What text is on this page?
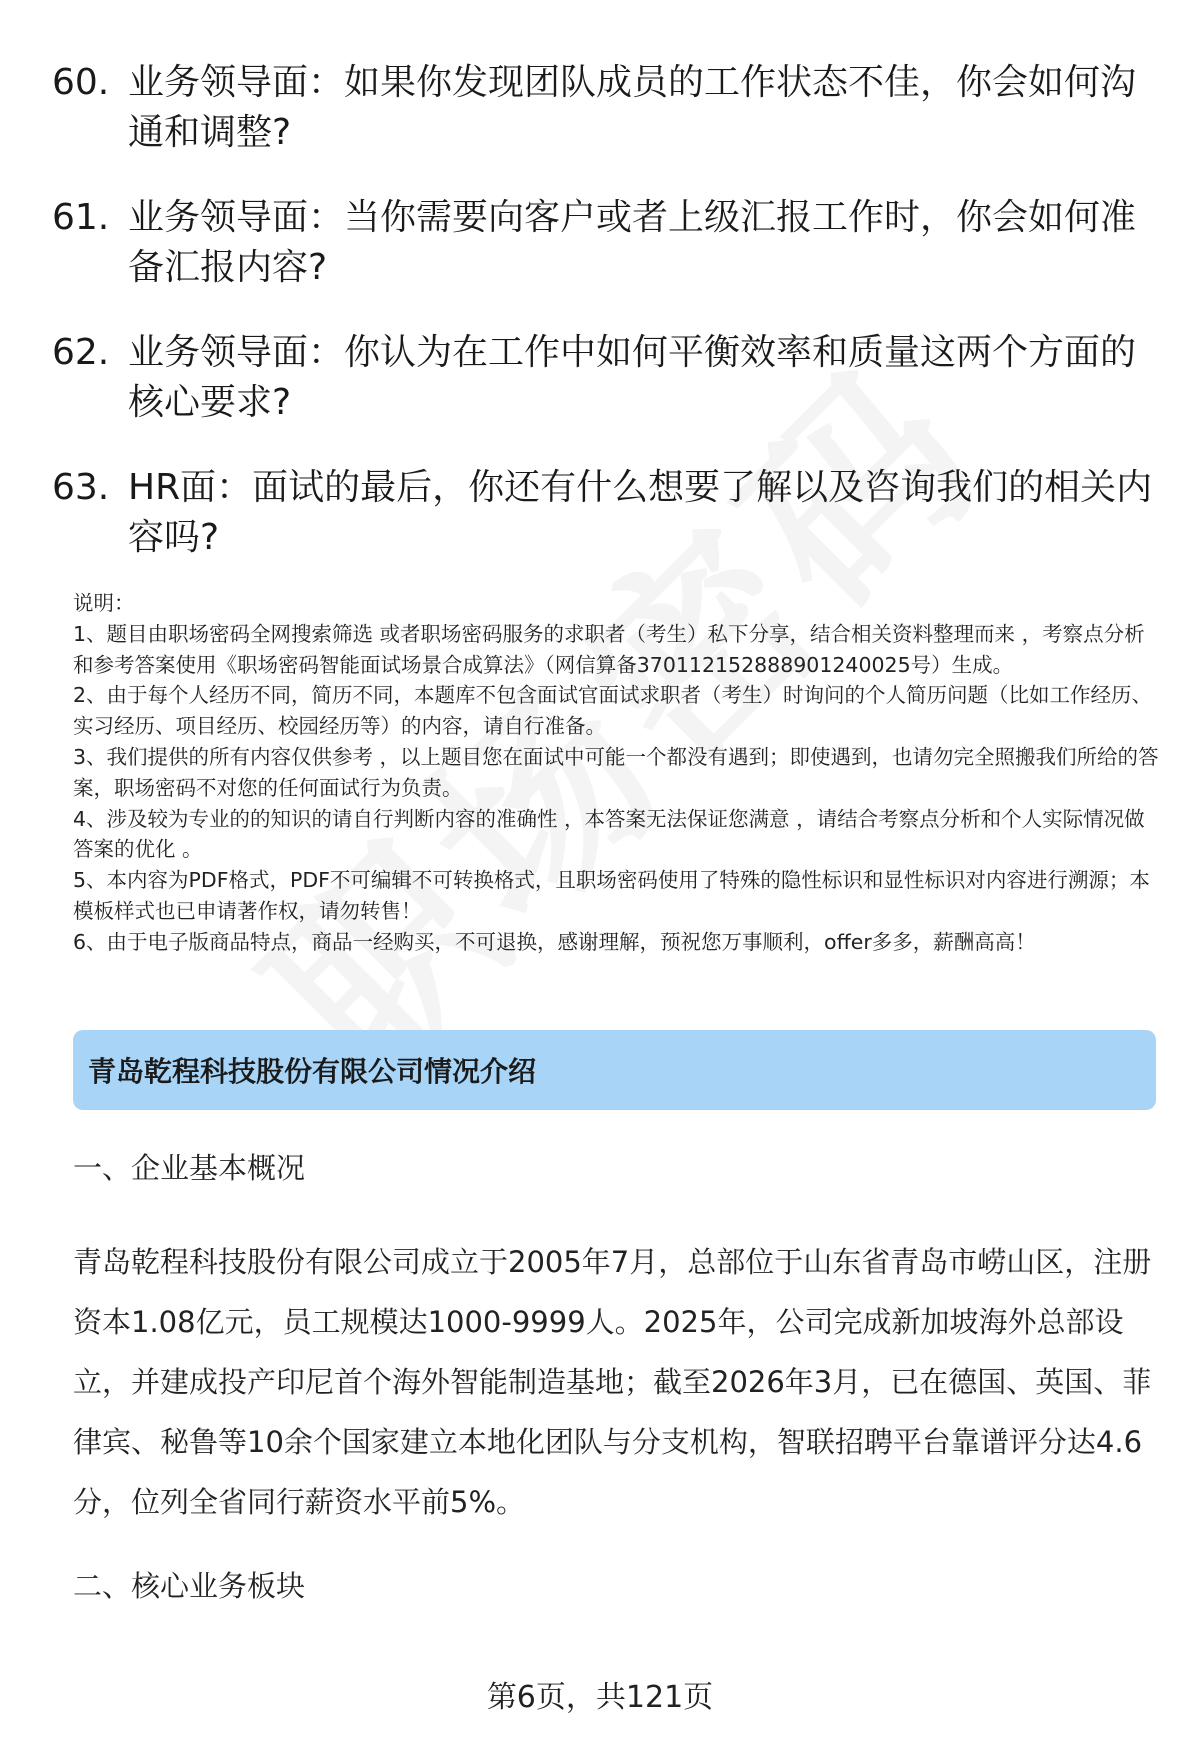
60. 业务领导面：如果你发现团队成员的工作状态不佳，你会如何沟通和调整?
61. 业务领导面：当你需要向客户或者上级汇报工作时，你会如何准备汇报内容?
62. 业务领导面：你认为在工作中如何平衡效率和质量这两个方面的核心要求?
63. HR面：面试的最后，你还有什么想要了解以及咨询我们的相关内容吗?

说明：

1、题目由职场密码全网搜索筛选 或者职场密码服务的求职者（考生）私下分享，结合相关资料整理而来 ，考察点分析和参考答案使用《职场密码智能面试场景合成算法》（网信算备370112152888901240025号）生成。

2、由于每个人经历不同，简历不同，本题库不包含面试官面试求职者（考生）时询问的个人简历问题（比如工作经历、实习经历、项目经历、校园经历等）的内容，请自行准备。

3、我们提供的所有内容仅供参考 ，以上题目您在面试中可能一个都没有遇到；即使遇到，也请勿完全照搬我们所给的答案，职场密码不对您的任何面试行为负责。

4、涉及较为专业的的知识的请自行判断内容的准确性 ，本答案无法保证您满意 ，请结合考察点分析和个人实际情况做答案的优化 。

5、本内容为PDF格式，PDF不可编辑不可转换格式，且职场密码使用了特殊的隐性标识和显性标识对内容进行溯源；本模板样式也已申请著作权，请勿转售！

6、由于电子版商品特点，商品一经购买，不可退换，感谢理解，预祝您万事顺利，offer多多，薪酬高高！

青岛乾程科技股份有限公司情况介绍
一、企业基本概况

青岛乾程科技股份有限公司成立于2005年7月，总部位于山东省青岛市崂山区，注册资本1.08亿元，员工规模达1000-9999人。2025年，公司完成新加坡海外总部设立，并建成投产印尼首个海外智能制造基地；截至2026年3月，已在德国、英国、菲律宾、秘鲁等10余个国家建立本地化团队与分支机构，智联招聘平台靠谱评分达4.6分，位列全省同行薪资水平前5%。

二、核心业务板块
第6页，共121页
